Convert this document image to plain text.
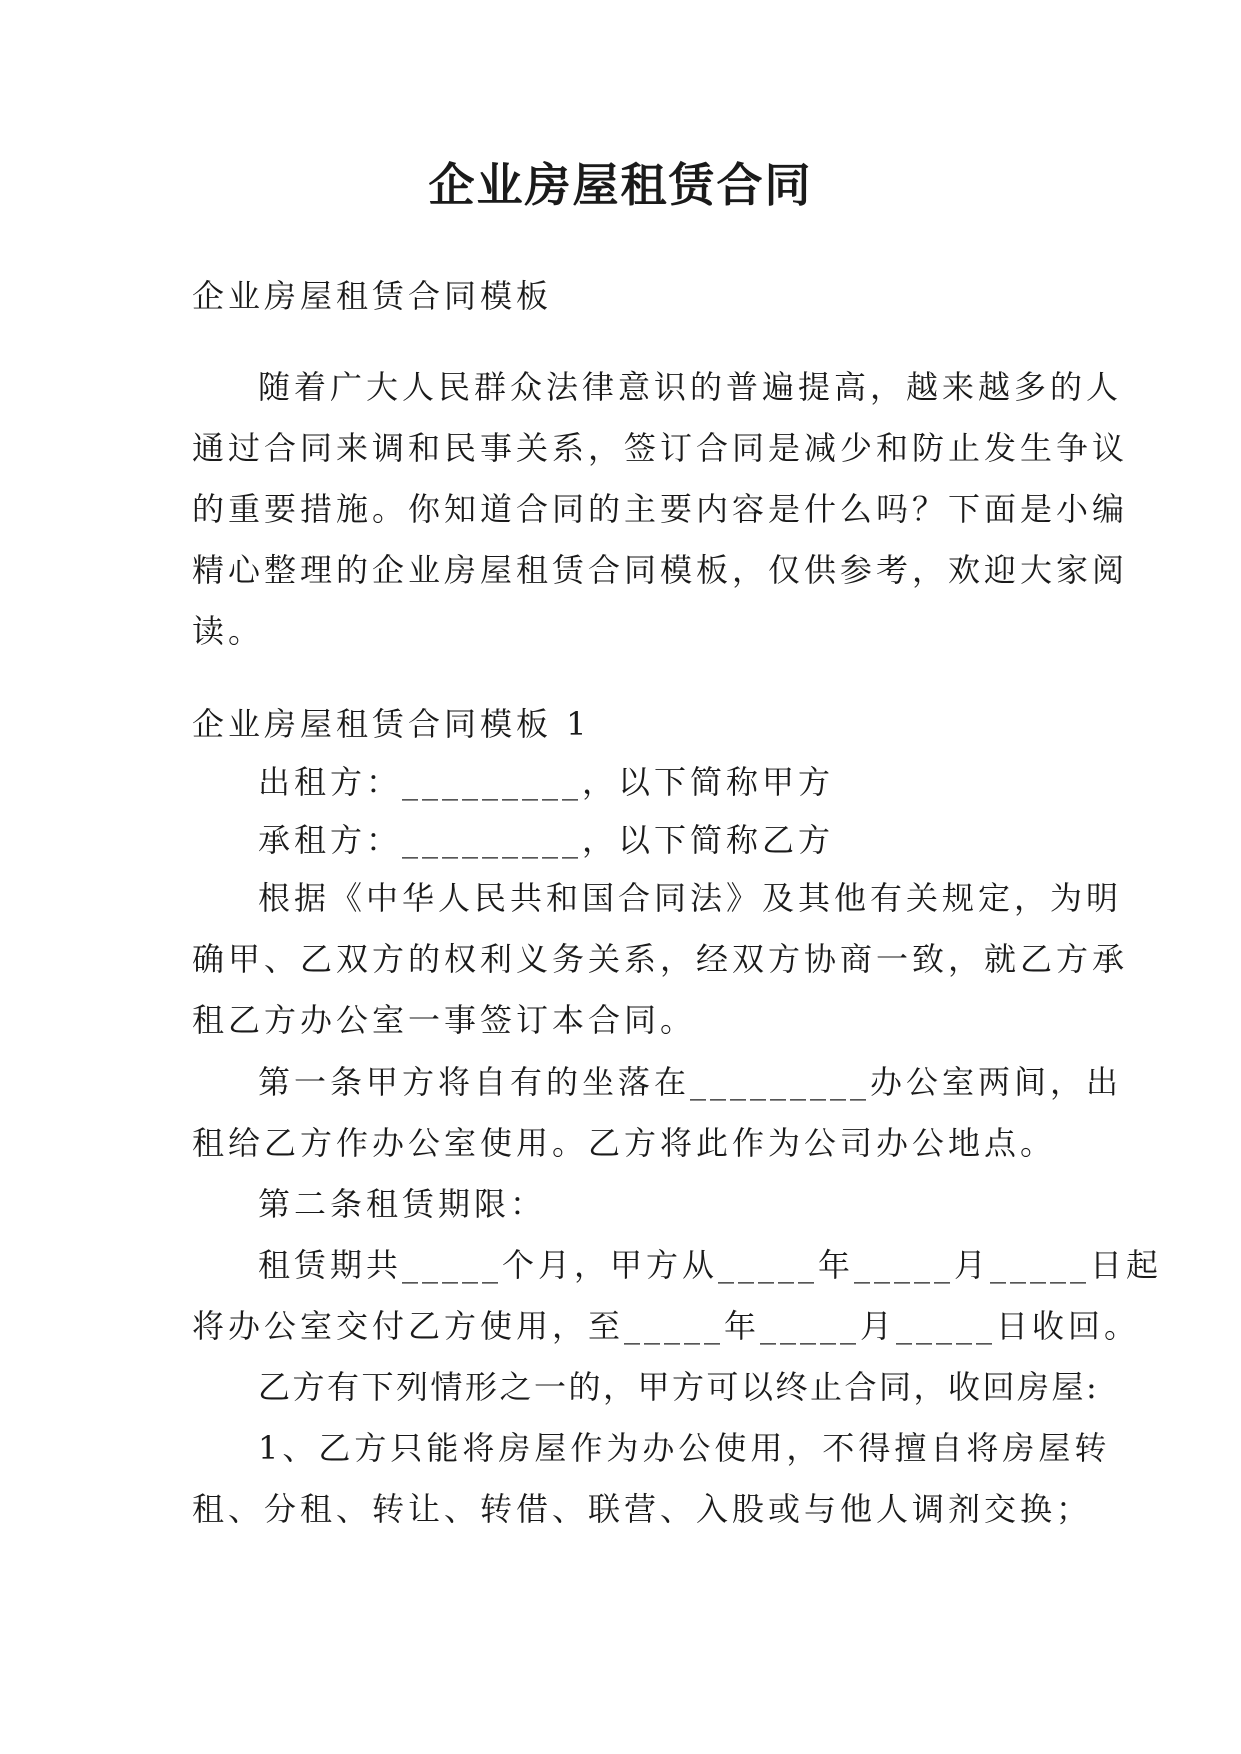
企业房屋租赁合同

企业房屋租赁合同模板

随着广大人民群众法律意识的普遍提高，越来越多的人

通过合同来调和民事关系，签订合同是减少和防止发生争议

的重要措施。你知道合同的主要内容是什么吗？下面是小编

精心整理的企业房屋租赁合同模板，仅供参考，欢迎大家阅

读。

企业房屋租赁合同模板 1

出租方：_________，以下简称甲方

承租方：_________，以下简称乙方

根据《中华人民共和国合同法》及其他有关规定，为明

确甲、乙双方的权利义务关系，经双方协商一致，就乙方承

租乙方办公室一事签订本合同。

第一条甲方将自有的坐落在_________办公室两间，出

租给乙方作办公室使用。乙方将此作为公司办公地点。

第二条租赁期限：

租赁期共_____个月，甲方从_____年_____月_____日起

将办公室交付乙方使用，至_____年_____月_____日收回。

乙方有下列情形之一的，甲方可以终止合同，收回房屋:

1、乙方只能将房屋作为办公使用，不得擅自将房屋转

租、分租、转让、转借、联营、入股或与他人调剂交换；
